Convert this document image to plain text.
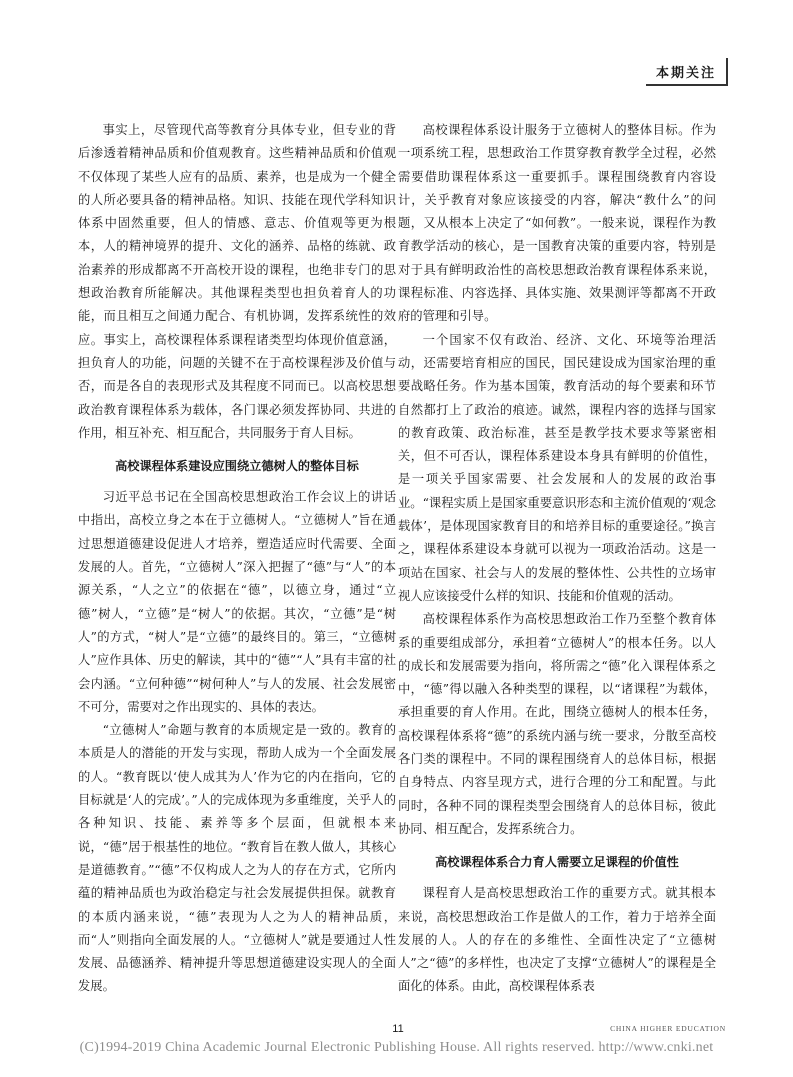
本期关注

事实上，尽管现代高等教育分具体专业，但专业的背后渗透着精神品质和价值观教育。这些精神品质和价值观不仅体现了某些人应有的品质、素养，也是成为一个健全的人所必要具备的精神品格。知识、技能在现代学科知识体系中固然重要，但人的情感、意志、价值观等更为根本，人的精神境界的提升、文化的涵养、品格的练就、政治素养的形成都离不开高校开设的课程，也绝非专门的思想政治教育所能解决。其他课程类型也担负着育人的功能，而且相互之间通力配合、有机协调，发挥系统性的效应。事实上，高校课程体系课程诸类型均体现价值意涵，担负育人的功能，问题的关键不在于高校课程涉及价值与否，而是各自的表现形式及其程度不同而已。以高校思想政治教育课程体系为载体，各门课必须发挥协同、共进的作用，相互补充、相互配合，共同服务于育人目标。

高校课程体系建设应围绕立德树人的整体目标

习近平总书记在全国高校思想政治工作会议上的讲话中指出，高校立身之本在于立德树人。“立德树人”旨在通过思想道德建设促进人才培养，塑造适应时代需要、全面发展的人。首先，“立德树人”深入把握了“德”与“人”的本源关系，“人之立”的依据在“德”，以德立身，通过“立德”树人，“立德”是“树人”的依据。其次，“立德”是“树人”的方式，“树人”是“立德”的最终目的。第三，“立德树人”应作具体、历史的解读，其中的“德”“人”具有丰富的社会内涵。“立何种德”“树何种人”与人的发展、社会发展密不可分，需要对之作出现实的、具体的表达。

“立德树人”命题与教育的本质规定是一致的。教育的本质是人的潜能的开发与实现，帮助人成为一个全面发展的人。“教育既以‘使人成其为人’作为它的内在指向，它的目标就是‘人的完成’。”人的完成体现为多重维度，关乎人的各种知识、技能、素养等多个层面，但就根本来说，“德”居于根基性的地位。“教育旨在教人做人，其核心是道德教育。”“德”不仅构成人之为人的存在方式，它所内蕴的精神品质也为政治稳定与社会发展提供担保。就教育的本质内涵来说，“德”表现为人之为人的精神品质，而“人”则指向全面发展的人。“立德树人”就是要通过人性发展、品德涵养、精神提升等思想道德建设实现人的全面发展。

高校课程体系设计服务于立德树人的整体目标。作为一项系统工程，思想政治工作贯穿教育教学全过程，必然需要借助课程体系这一重要抓手。课程围绕教育内容设计，关乎教育对象应该接受的内容，解决“教什么”的问题，又从根本上决定了“如何教”。一般来说，课程作为教育教学活动的核心，是一国教育决策的重要内容，特别是对于具有鲜明政治性的高校思想政治教育课程体系来说，课程标准、内容选择、具体实施、效果测评等都离不开政府的管理和引导。

一个国家不仅有政治、经济、文化、环境等治理活动，还需要培育相应的国民，国民建设成为国家治理的重要战略任务。作为基本国策，教育活动的每个要素和环节自然都打上了政治的痕迹。诚然，课程内容的选择与国家的教育政策、政治标准，甚至是教学技术要求等紧密相关，但不可否认，课程体系建设本身具有鲜明的价值性，是一项关乎国家需要、社会发展和人的发展的政治事业。“课程实质上是国家重要意识形态和主流价值观的‘观念载体’，是体现国家教育目的和培养目标的重要途径。”换言之，课程体系建设本身就可以视为一项政治活动。这是一项站在国家、社会与人的发展的整体性、公共性的立场审视人应该接受什么样的知识、技能和价值观的活动。

高校课程体系作为高校思想政治工作乃至整个教育体系的重要组成部分，承担着“立德树人”的根本任务。以人的成长和发展需要为指向，将所需之“德”化入课程体系之中，“德”得以融入各种类型的课程，以“诸课程”为载体，承担重要的育人作用。在此，围绕立德树人的根本任务，高校课程体系将“德”的系统内涵与统一要求，分散至高校各门类的课程中。不同的课程围绕育人的总体目标，根据自身特点、内容呈现方式，进行合理的分工和配置。与此同时，各种不同的课程类型会围绕育人的总体目标，彼此协同、相互配合，发挥系统合力。

高校课程体系合力育人需要立足课程的价值性

课程育人是高校思想政治工作的重要方式。就其根本来说，高校思想政治工作是做人的工作，着力于培养全面发展的人。人的存在的多维性、全面性决定了“立德树人”之“德”的多样性，也决定了支撑“立德树人”的课程是全面化的体系。由此，高校课程体系表

11	CHINA HIGHER EDUCATION
(C)1994-2019 China Academic Journal Electronic Publishing House. All rights reserved. http://www.cnki.net
